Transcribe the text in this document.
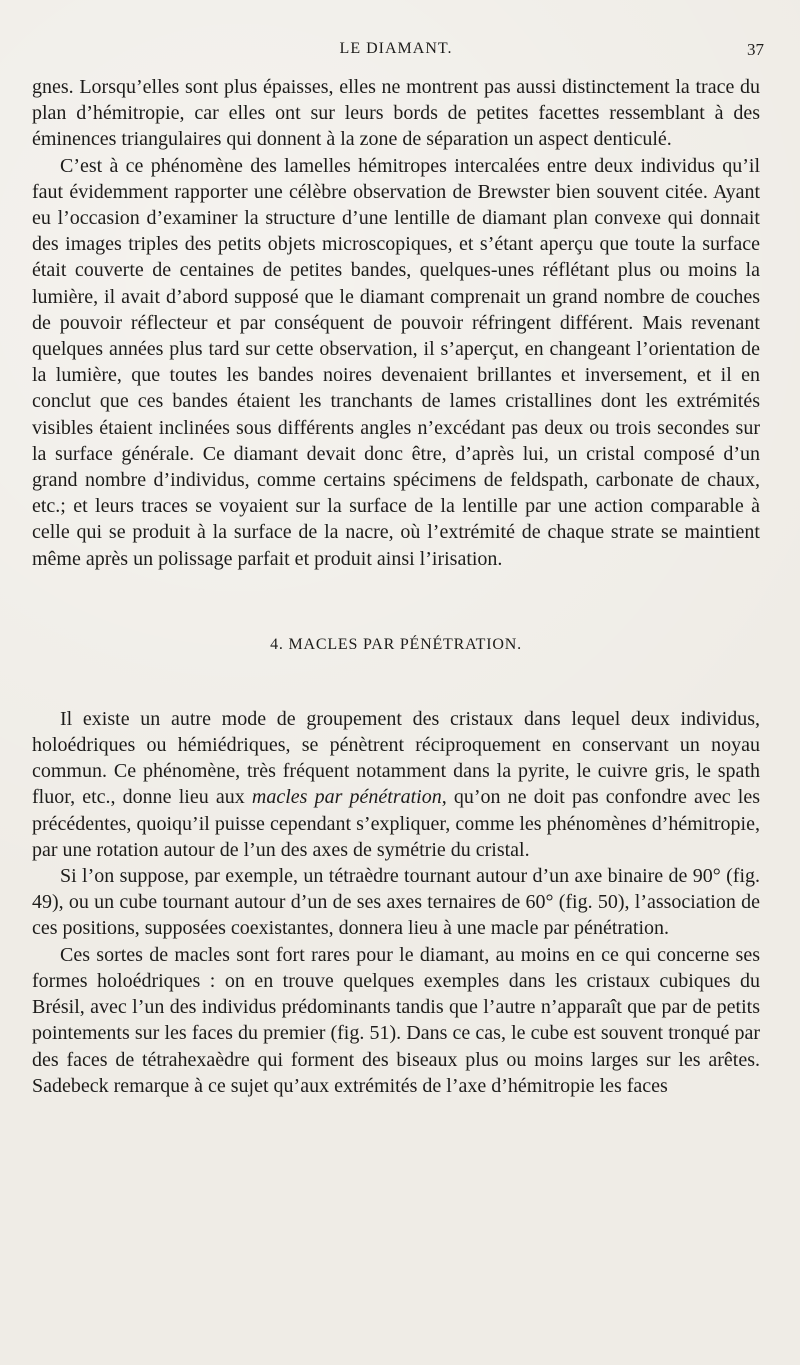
LE DIAMANT.	37

gnes. Lorsqu’elles sont plus épaisses, elles ne montrent pas aussi distinctement la trace du plan d’hémitropie, car elles ont sur leurs bords de petites facettes ressemblant à des éminences triangulaires qui donnent à la zone de séparation un aspect denticulé.

C’est à ce phénomène des lamelles hémitropes intercalées entre deux individus qu’il faut évidemment rapporter une célèbre observation de Brewster bien souvent citée. Ayant eu l’occasion d’examiner la structure d’une lentille de diamant plan convexe qui donnait des images triples des petits objets microscopiques, et s’étant aperçu que toute la surface était couverte de centaines de petites bandes, quelques-unes réflétant plus ou moins la lumière, il avait d’abord supposé que le diamant comprenait un grand nombre de couches de pouvoir réflecteur et par conséquent de pouvoir réfringent différent. Mais revenant quelques années plus tard sur cette observation, il s’aperçut, en changeant l’orientation de la lumière, que toutes les bandes noires devenaient brillantes et inversement, et il en conclut que ces bandes étaient les tranchants de lames cristallines dont les extrémités visibles étaient inclinées sous différents angles n’excédant pas deux ou trois secondes sur la surface générale. Ce diamant devait donc être, d’après lui, un cristal composé d’un grand nombre d’individus, comme certains spécimens de feldspath, carbonate de chaux, etc.; et leurs traces se voyaient sur la surface de la lentille par une action comparable à celle qui se produit à la surface de la nacre, où l’extrémité de chaque strate se maintient même après un polissage parfait et produit ainsi l’irisation.

4. MACLES PAR PÉNÉTRATION.

Il existe un autre mode de groupement des cristaux dans lequel deux individus, holoédriques ou hémiédriques, se pénètrent réciproquement en conservant un noyau commun. Ce phénomène, très fréquent notamment dans la pyrite, le cuivre gris, le spath fluor, etc., donne lieu aux macles par pénétration, qu’on ne doit pas confondre avec les précédentes, quoiqu’il puisse cependant s’expliquer, comme les phénomènes d’hémitropie, par une rotation autour de l’un des axes de symétrie du cristal.

Si l’on suppose, par exemple, un tétraèdre tournant autour d’un axe binaire de 90° (fig. 49), ou un cube tournant autour d’un de ses axes ternaires de 60° (fig. 50), l’association de ces positions, supposées coexistantes, donnera lieu à une macle par pénétration.

Ces sortes de macles sont fort rares pour le diamant, au moins en ce qui concerne ses formes holoédriques : on en trouve quelques exemples dans les cristaux cubiques du Brésil, avec l’un des individus prédominants tandis que l’autre n’apparaît que par de petits pointements sur les faces du premier (fig. 51). Dans ce cas, le cube est souvent tronqué par des faces de tétrahexaèdre qui forment des biseaux plus ou moins larges sur les arêtes. Sadebeck remarque à ce sujet qu’aux extrémités de l’axe d’hémitropie les faces
